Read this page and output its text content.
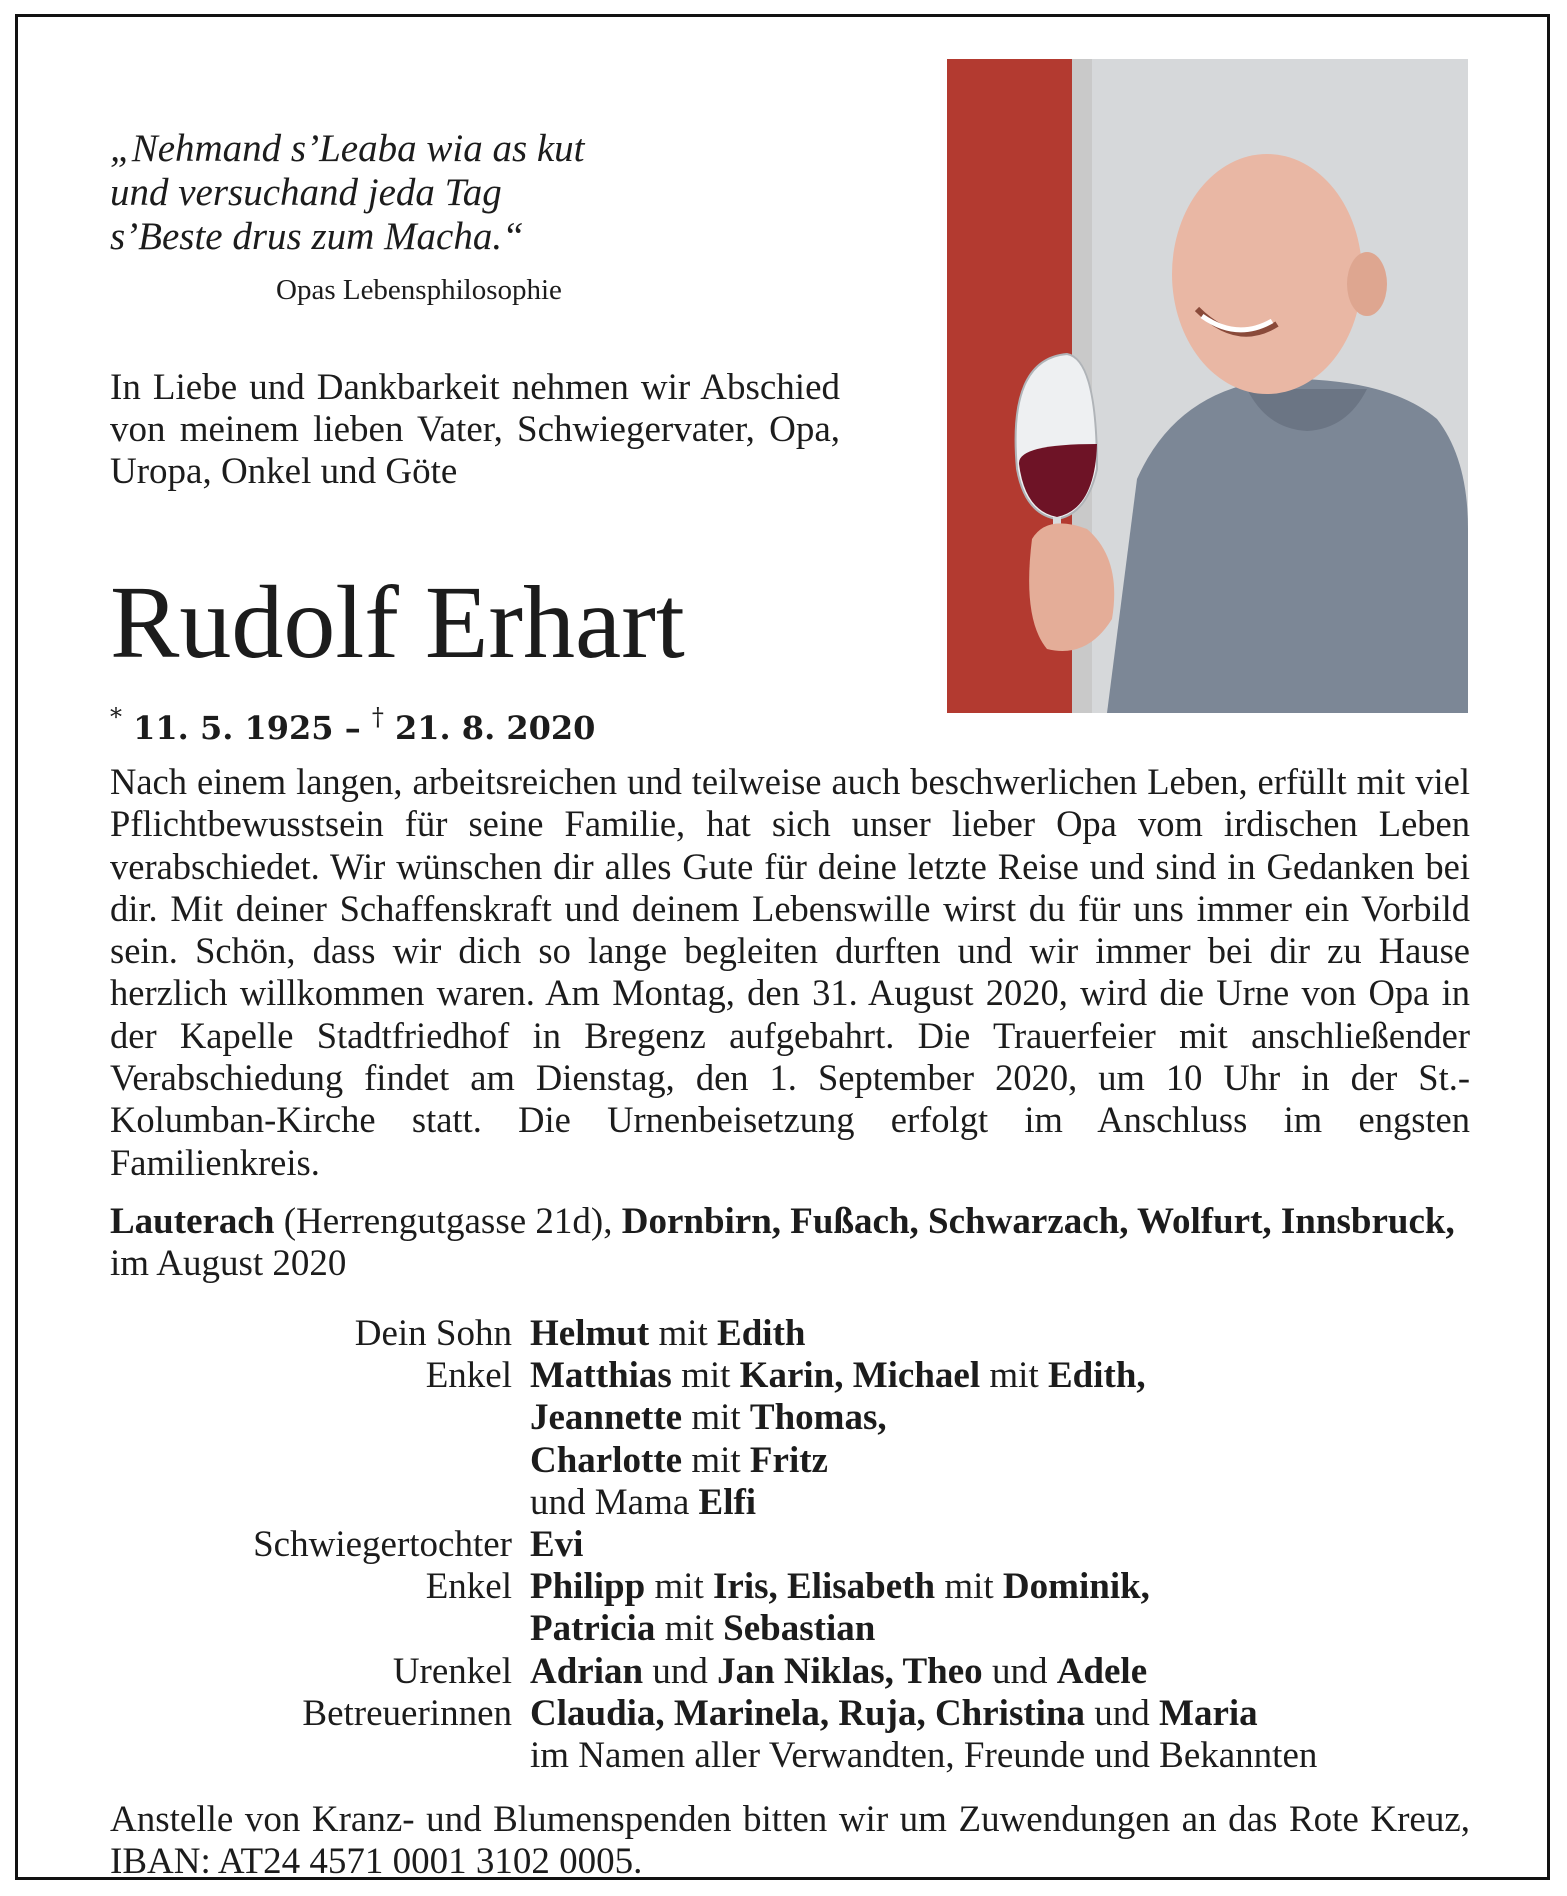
„Nehmand s’Leaba wia as kut
und versuchand jeda Tag
s’Beste drus zum Macha.“
Opas Lebensphilosophie
In Liebe und Dankbarkeit nehmen wir Abschied von meinem lieben Vater, Schwiegervater, Opa, Uropa, Onkel und Göte
Rudolf Erhart
* 11. 5. 1925 – † 21. 8. 2020
Nach einem langen, arbeitsreichen und teilweise auch beschwerlichen Leben, erfüllt mit viel Pflichtbewusstsein für seine Familie, hat sich unser lieber Opa vom irdischen Leben verabschiedet. Wir wünschen dir alles Gute für deine letzte Reise und sind in Gedanken bei dir. Mit deiner Schaffenskraft und deinem Lebenswille wirst du für uns immer ein Vorbild sein. Schön, dass wir dich so lange begleiten durften und wir immer bei dir zu Hause herzlich willkommen waren. Am Montag, den 31. August 2020, wird die Urne von Opa in der Kapelle Stadtfriedhof in Bregenz aufgebahrt. Die Trauerfeier mit anschließender Verabschiedung findet am Dienstag, den 1. September 2020, um 10 Uhr in der St.-Kolumban-Kirche statt. Die Urnenbeisetzung erfolgt im Anschluss im engsten Familienkreis.
Lauterach (Herrengutgasse 21d), Dornbirn, Fußach, Schwarzach, Wolfurt, Innsbruck, im August 2020
Dein Sohn Helmut mit Edith
Enkel Matthias mit Karin, Michael mit Edith,
Jeannette mit Thomas,
Charlotte mit Fritz
und Mama Elfi
Schwiegertochter Evi
Enkel Philipp mit Iris, Elisabeth mit Dominik,
Patricia mit Sebastian
Urenkel Adrian und Jan Niklas, Theo und Adele
Betreuerinnen Claudia, Marinela, Ruja, Christina und Maria
im Namen aller Verwandten, Freunde und Bekannten
Anstelle von Kranz- und Blumenspenden bitten wir um Zuwendungen an das Rote Kreuz, IBAN: AT24 4571 0001 3102 0005.
